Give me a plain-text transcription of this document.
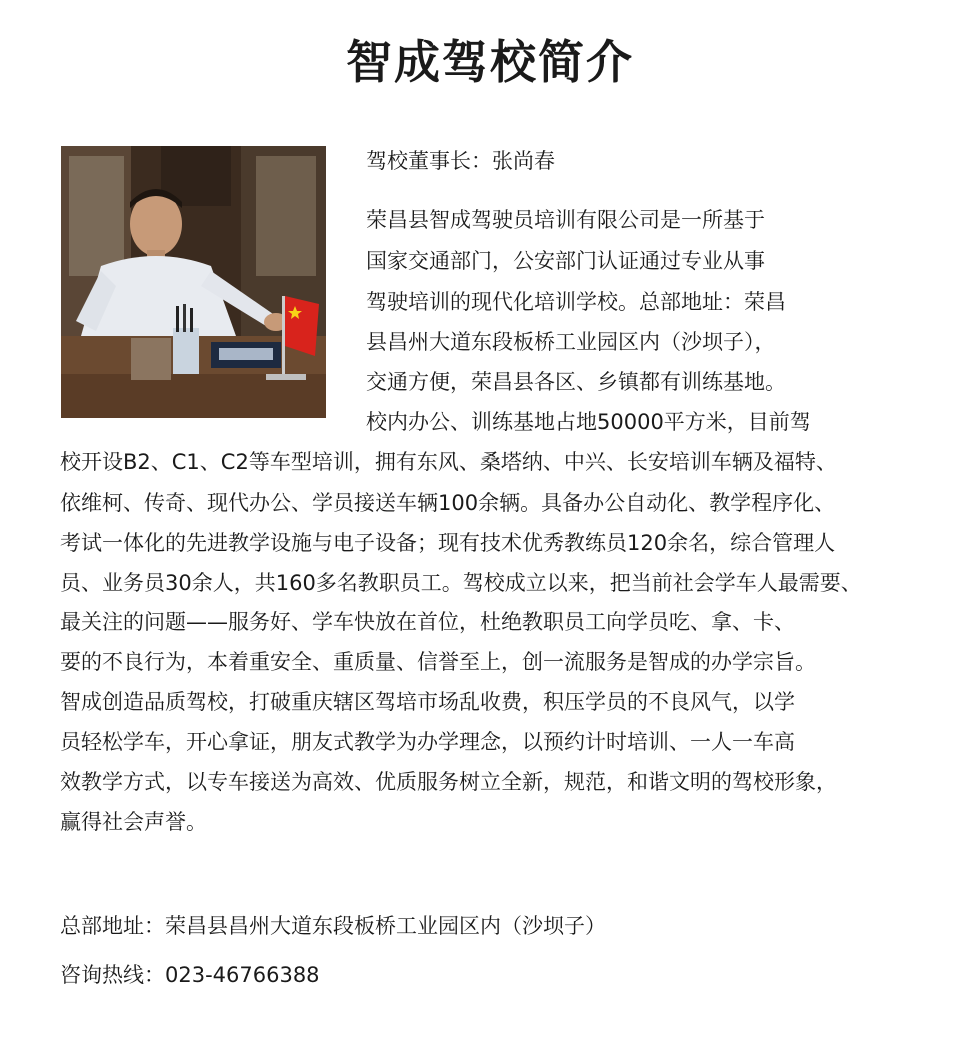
智成驾校简介
驾校董事长：张尚春
荣昌县智成驾驶员培训有限公司是一所基于
国家交通部门，公安部门认证通过专业从事
驾驶培训的现代化培训学校。总部地址：荣昌
县昌州大道东段板桥工业园区内（沙坝子），
交通方便，荣昌县各区、乡镇都有训练基地。
校内办公、训练基地占地50000平方米，目前驾
校开设B2、C1、C2等车型培训，拥有东风、桑塔纳、中兴、长安培训车辆及福特、
依维柯、传奇、现代办公、学员接送车辆100余辆。具备办公自动化、教学程序化、
考试一体化的先进教学设施与电子设备；现有技术优秀教练员120余名，综合管理人
员、业务员30余人，共160多名教职员工。驾校成立以来，把当前社会学车人最需要、
最关注的问题——服务好、学车快放在首位，杜绝教职员工向学员吃、拿、卡、
要的不良行为，本着重安全、重质量、信誉至上，创一流服务是智成的办学宗旨。
智成创造品质驾校，打破重庆辖区驾培市场乱收费，积压学员的不良风气，以学
员轻松学车，开心拿证，朋友式教学为办学理念，以预约计时培训、一人一车高
效教学方式，以专车接送为高效、优质服务树立全新，规范，和谐文明的驾校形象，
赢得社会声誉。
总部地址：荣昌县昌州大道东段板桥工业园区内（沙坝子）
咨询热线：023-46766388
